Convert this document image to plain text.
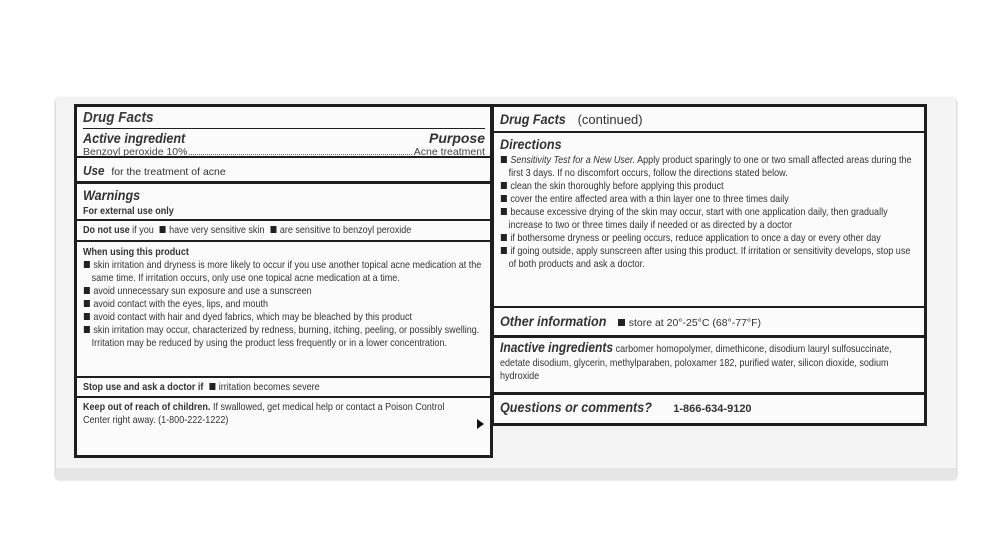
Drug Facts
Active ingredient	Purpose
Benzoyl peroxide 10%	Acne treatment
Use for the treatment of acne
Warnings
For external use only
Do not use if you have very sensitive skin are sensitive to benzoyl peroxide
When using this product
skin irritation and dryness is more likely to occur if you use another topical acne medication at the same time. If irritation occurs, only use one topical acne medication at a time.
avoid unnecessary sun exposure and use a sunscreen
avoid contact with the eyes, lips, and mouth
avoid contact with hair and dyed fabrics, which may be bleached by this product
skin irritation may occur, characterized by redness, burning, itching, peeling, or possibly swelling. Irritation may be reduced by using the product less frequently or in a lower concentration.
Stop use and ask a doctor if irritation becomes severe
Keep out of reach of children. If swallowed, get medical help or contact a Poison Control Center right away. (1-800-222-1222)
Drug Facts (continued)
Directions
Sensitivity Test for a New User. Apply product sparingly to one or two small affected areas during the first 3 days. If no discomfort occurs, follow the directions stated below.
clean the skin thoroughly before applying this product
cover the entire affected area with a thin layer one to three times daily
because excessive drying of the skin may occur, start with one application daily, then gradually increase to two or three times daily if needed or as directed by a doctor
if bothersome dryness or peeling occurs, reduce application to once a day or every other day
if going outside, apply sunscreen after using this product. If irritation or sensitivity develops, stop use of both products and ask a doctor.
Other information store at 20°-25°C (68°-77°F)
Inactive ingredients carbomer homopolymer, dimethicone, disodium lauryl sulfosuccinate, edetate disodium, glycerin, methylparaben, poloxamer 182, purified water, silicon dioxide, sodium hydroxide
Questions or comments? 1-866-634-9120
